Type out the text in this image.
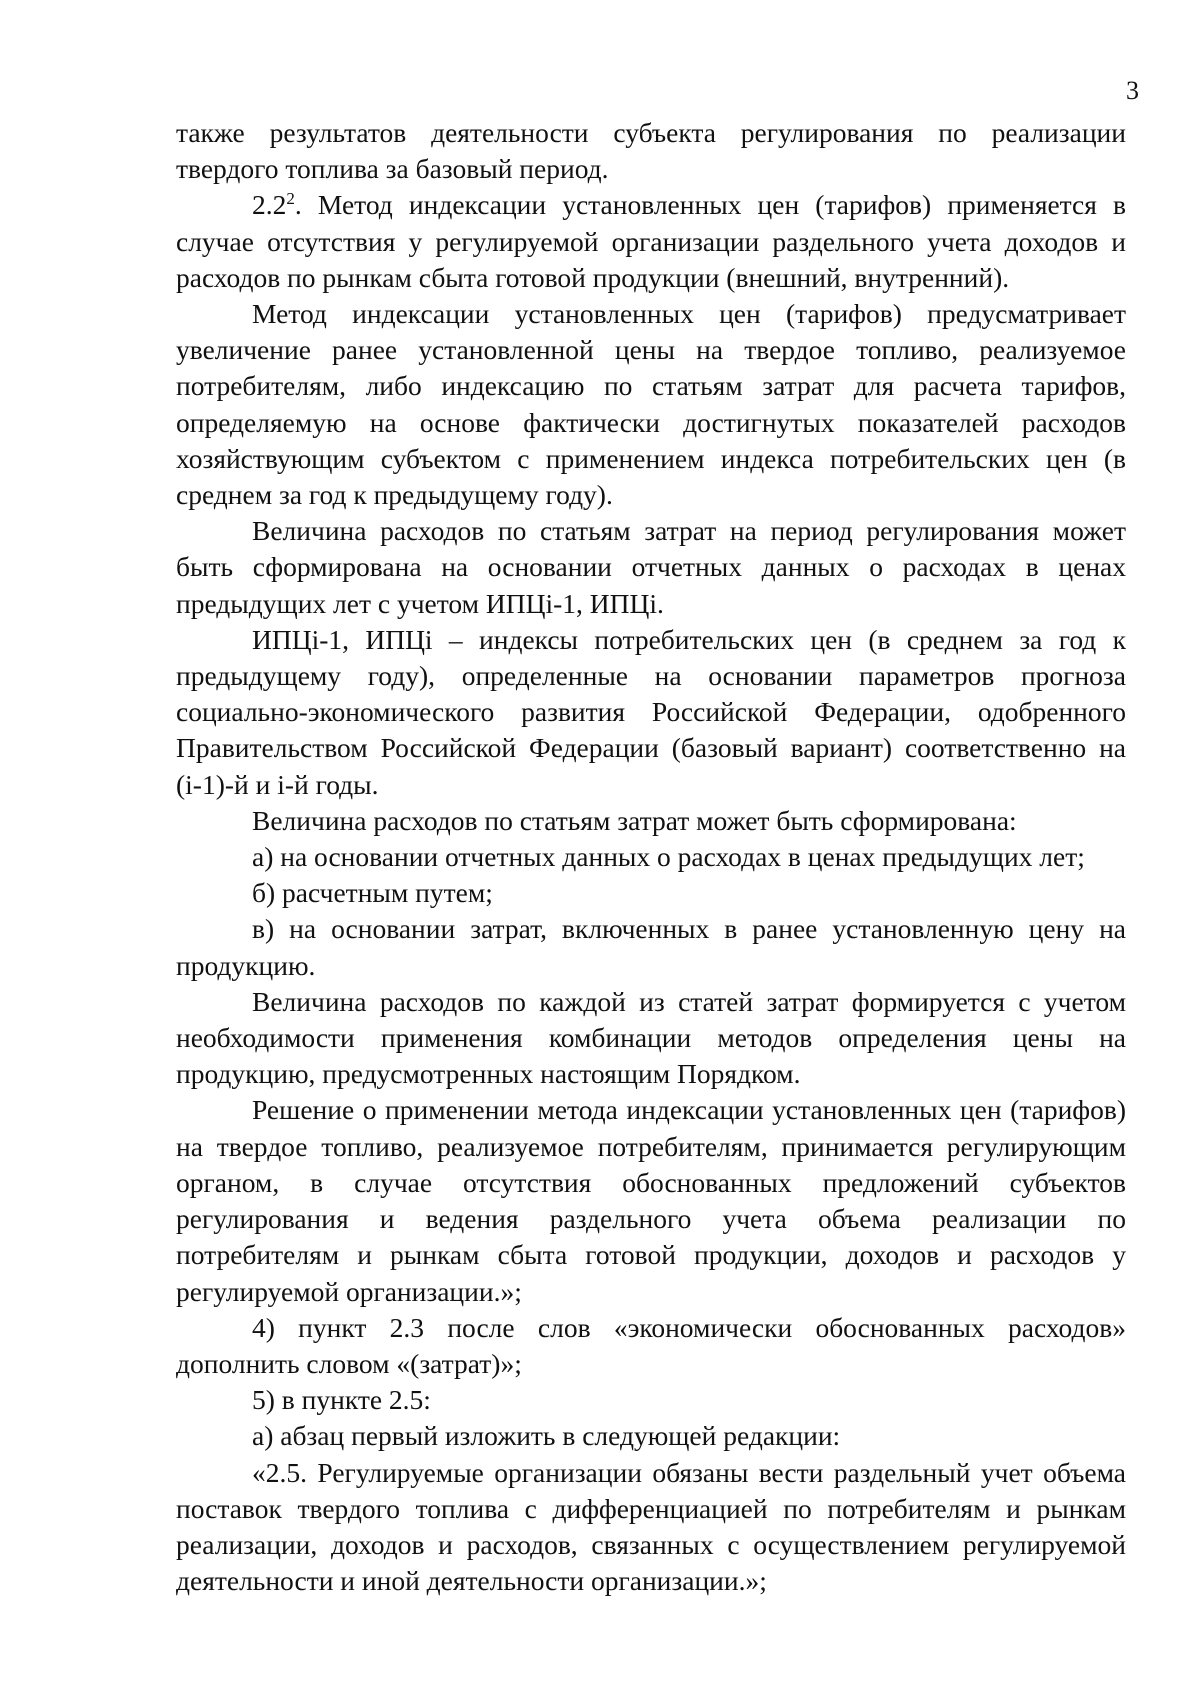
3

также результатов деятельности субъекта регулирования по реализации твердого топлива за базовый период.

$2.2^2$. Метод индексации установленных цен (тарифов) применяется в случае отсутствия у регулируемой организации раздельного учета доходов и расходов по рынкам сбыта готовой продукции (внешний, внутренний).

Метод индексации установленных цен (тарифов) предусматривает увеличение ранее установленной цены на твердое топливо, реализуемое потребителям, либо индексацию по статьям затрат для расчета тарифов, определяемую на основе фактически достигнутых показателей расходов хозяйствующим субъектом с применением индекса потребительских цен (в среднем за год к предыдущему году).

Величина расходов по статьям затрат на период регулирования может быть сформирована на основании отчетных данных о расходах в ценах предыдущих лет с учетом ИПЦі-1, ИПЦі.

ИПЦі-1, ИПЦі – индексы потребительских цен (в среднем за год к предыдущему году), определенные на основании параметров прогноза социально-экономического развития Российской Федерации, одобренного Правительством Российской Федерации (базовый вариант) соответственно на (і-1)-й и і-й годы.

Величина расходов по статьям затрат может быть сформирована:

а) на основании отчетных данных о расходах в ценах предыдущих лет;

б) расчетным путем;

в) на основании затрат, включенных в ранее установленную цену на продукцию.

Величина расходов по каждой из статей затрат формируется с учетом необходимости применения комбинации методов определения цены на продукцию, предусмотренных настоящим Порядком.

Решение о применении метода индексации установленных цен (тарифов) на твердое топливо, реализуемое потребителям, принимается регулирующим органом, в случае отсутствия обоснованных предложений субъектов регулирования и ведения раздельного учета объема реализации по потребителям и рынкам сбыта готовой продукции, доходов и расходов у регулируемой организации.»;

4) пункт 2.3 после слов «экономически обоснованных расходов» дополнить словом «(затрат)»;

5) в пункте 2.5:

а) абзац первый изложить в следующей редакции:

«2.5. Регулируемые организации обязаны вести раздельный учет объема поставок твердого топлива с дифференциацией по потребителям и рынкам реализации, доходов и расходов, связанных с осуществлением регулируемой деятельности и иной деятельности организации.»;
